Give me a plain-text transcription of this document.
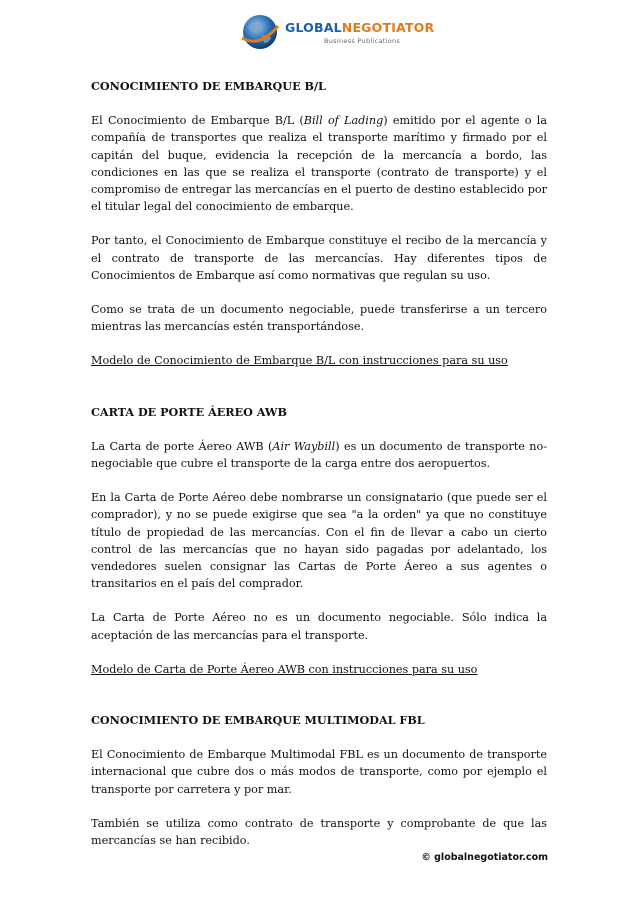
GLOBALNEGOTIATOR
Business Publications

CONOCIMIENTO DE EMBARQUE B/L

El Conocimiento de Embarque B/L (Bill of Lading) emitido por el agente o la compañía de transportes que realiza el transporte marítimo y firmado por el capitán del buque, evidencia la recepción de la mercancía a bordo, las condiciones en las que se realiza el transporte (contrato de transporte) y el compromiso de entregar las mercancías en el puerto de destino establecido por el titular legal del conocimiento de embarque.

Por tanto, el Conocimiento de Embarque constituye el recibo de la mercancía y el contrato de transporte de las mercancías. Hay diferentes tipos de Conocimientos de Embarque así como normativas que regulan su uso.

Como se trata de un documento negociable, puede transferirse a un tercero mientras las mercancías estén transportándose.

Modelo de Conocimiento de Embarque B/L con instrucciones para su uso

CARTA DE PORTE ÁEREO AWB

La Carta de porte Áereo AWB (Air Waybill) es un documento de transporte no-negociable que cubre el transporte de la carga entre dos aeropuertos.

En la Carta de Porte Aéreo debe nombrarse un consignatario (que puede ser el comprador), y no se puede exigirse que sea "a la orden" ya que no constituye título de propiedad de las mercancías. Con el fin de llevar a cabo un cierto control de las mercancías que no hayan sido pagadas por adelantado, los vendedores suelen consignar las Cartas de Porte Áereo a sus agentes o transitarios en el país del comprador.

La Carta de Porte Aéreo no es un documento negociable. Sólo indica la aceptación de las mercancías para el transporte.

Modelo de Carta de Porte Áereo AWB con instrucciones para su uso

CONOCIMIENTO DE EMBARQUE MULTIMODAL FBL

El Conocimiento de Embarque Multimodal FBL es un documento de transporte internacional que cubre dos o más modos de transporte, como por ejemplo el transporte por carretera y por mar.

También se utiliza como contrato de transporte y comprobante de que las mercancías se han recibido.

© globalnegotiator.com
